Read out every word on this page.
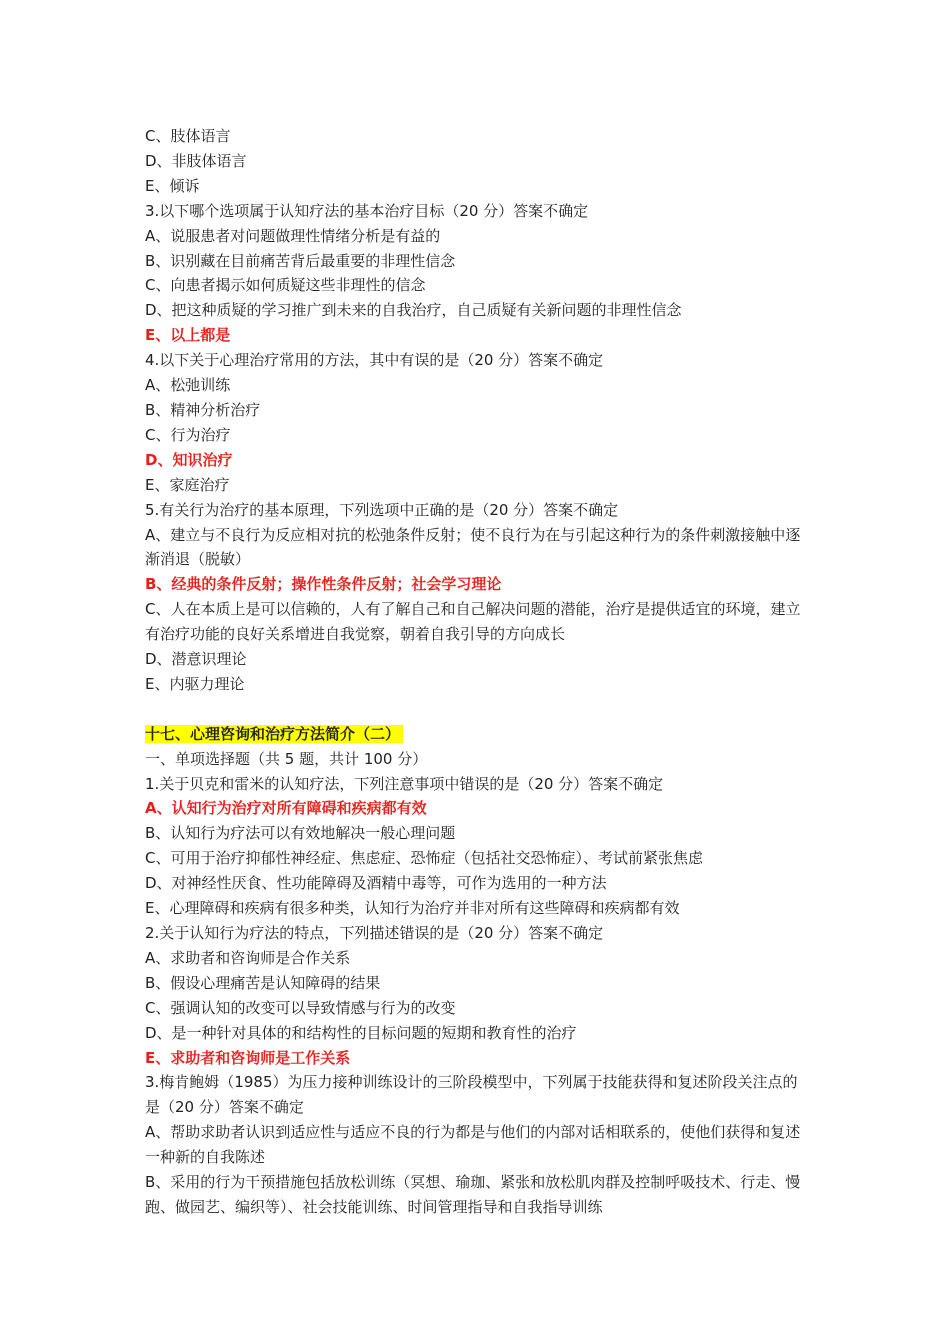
C、肢体语言
D、非肢体语言
E、倾诉
3.以下哪个选项属于认知疗法的基本治疗目标（20 分）答案不确定
A、说服患者对问题做理性情绪分析是有益的
B、识别藏在目前痛苦背后最重要的非理性信念
C、向患者揭示如何质疑这些非理性的信念
D、把这种质疑的学习推广到未来的自我治疗，自己质疑有关新问题的非理性信念
E、以上都是
4.以下关于心理治疗常用的方法，其中有误的是（20 分）答案不确定
A、松弛训练
B、精神分析治疗
C、行为治疗
D、知识治疗
E、家庭治疗
5.有关行为治疗的基本原理，下列选项中正确的是（20 分）答案不确定
A、建立与不良行为反应相对抗的松弛条件反射；使不良行为在与引起这种行为的条件刺激接触中逐渐消退（脱敏）
B、经典的条件反射；操作性条件反射；社会学习理论
C、人在本质上是可以信赖的，人有了解自己和自己解决问题的潜能，治疗是提供适宜的环境，建立有治疗功能的良好关系增进自我觉察，朝着自我引导的方向成长
D、潜意识理论
E、内驱力理论
十七、心理咨询和治疗方法简介（二）
一、单项选择题（共 5 题，共计 100 分）
1.关于贝克和雷米的认知疗法，下列注意事项中错误的是（20 分）答案不确定
A、认知行为治疗对所有障碍和疾病都有效
B、认知行为疗法可以有效地解决一般心理问题
C、可用于治疗抑郁性神经症、焦虑症、恐怖症（包括社交恐怖症）、考试前紧张焦虑
D、对神经性厌食、性功能障碍及酒精中毒等，可作为选用的一种方法
E、心理障碍和疾病有很多种类，认知行为治疗并非对所有这些障碍和疾病都有效
2.关于认知行为疗法的特点，下列描述错误的是（20 分）答案不确定
A、求助者和咨询师是合作关系
B、假设心理痛苦是认知障碍的结果
C、强调认知的改变可以导致情感与行为的改变
D、是一种针对具体的和结构性的目标问题的短期和教育性的治疗
E、求助者和咨询师是工作关系
3.梅肯鲍姆（1985）为压力接种训练设计的三阶段模型中，下列属于技能获得和复述阶段关注点的是（20 分）答案不确定
A、帮助求助者认识到适应性与适应不良的行为都是与他们的内部对话相联系的，使他们获得和复述一种新的自我陈述
B、采用的行为干预措施包括放松训练（冥想、瑜珈、紧张和放松肌肉群及控制呼吸技术、行走、慢跑、做园艺、编织等）、社会技能训练、时间管理指导和自我指导训练
